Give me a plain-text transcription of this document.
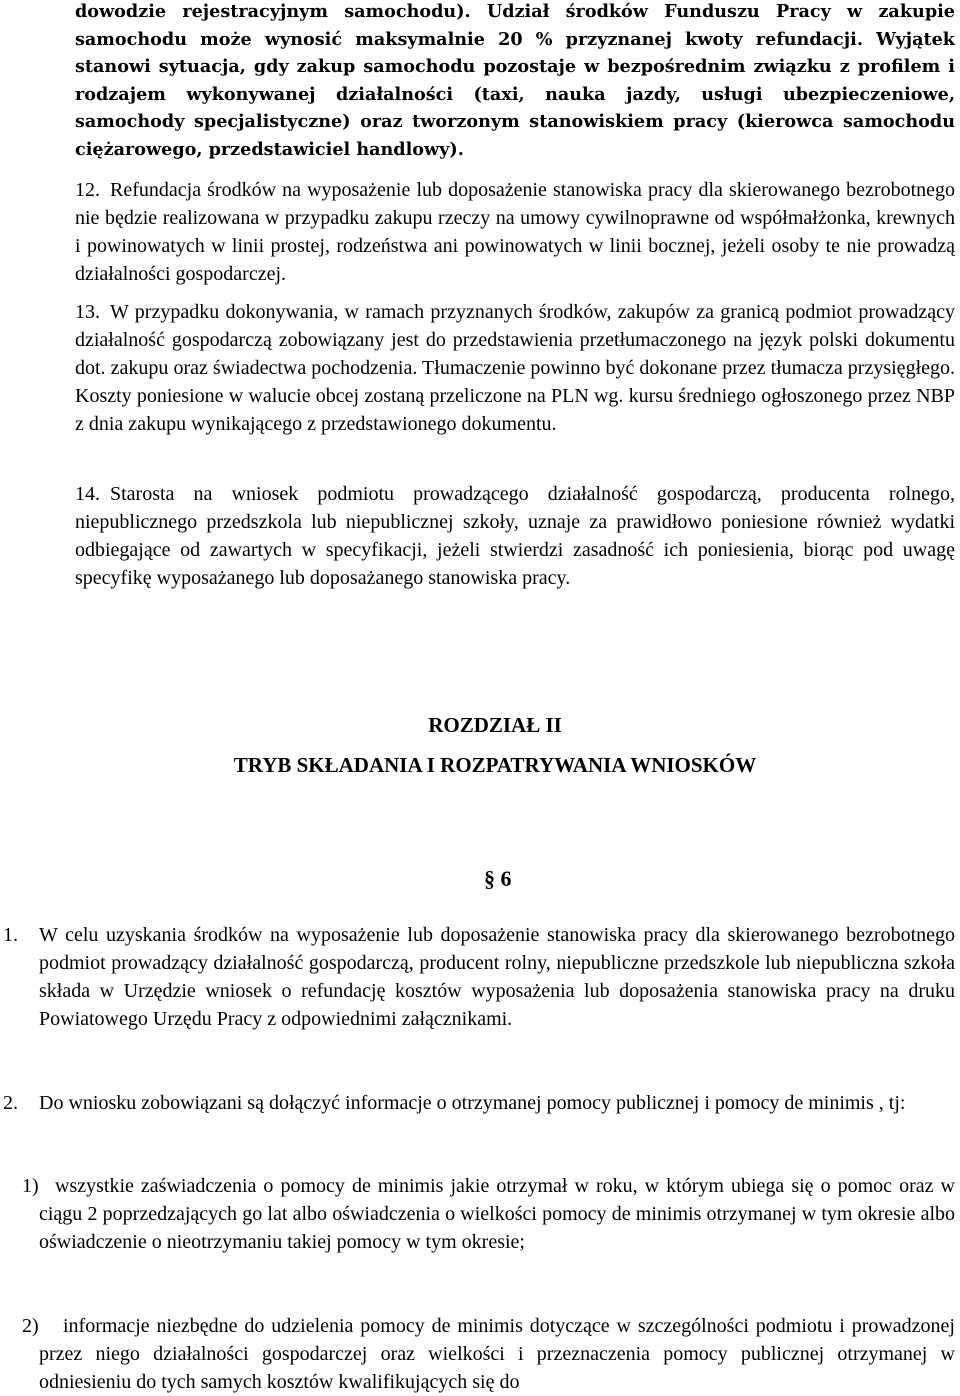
dowodzie rejestracyjnym samochodu). Udział środków Funduszu Pracy w zakupie samochodu może wynosić maksymalnie 20 % przyznanej kwoty refundacji. Wyjątek stanowi sytuacja, gdy zakup samochodu pozostaje w bezpośrednim związku z profilem i rodzajem wykonywanej działalności (taxi, nauka jazdy, usługi ubezpieczeniowe, samochody specjalistyczne) oraz tworzonym stanowiskiem pracy (kierowca samochodu ciężarowego, przedstawiciel handlowy).
12. Refundacja środków na wyposażenie lub doposażenie stanowiska pracy dla skierowanego bezrobotnego nie będzie realizowana w przypadku zakupu rzeczy na umowy cywilnoprawne od współmałżonka, krewnych i powinowatych w linii prostej, rodzeństwa ani powinowatych w linii bocznej, jeżeli osoby te nie prowadzą działalności gospodarczej.
13. W przypadku dokonywania, w ramach przyznanych środków, zakupów za granicą podmiot prowadzący działalność gospodarczą zobowiązany jest do przedstawienia przetłumaczonego na język polski dokumentu dot. zakupu oraz świadectwa pochodzenia. Tłumaczenie powinno być dokonane przez tłumacza przysięgłego. Koszty poniesione w walucie obcej zostaną przeliczone na PLN wg. kursu średniego ogłoszonego przez NBP z dnia zakupu wynikającego z przedstawionego dokumentu.
14. Starosta na wniosek podmiotu prowadzącego działalność gospodarczą, producenta rolnego, niepublicznego przedszkola lub niepublicznej szkoły, uznaje za prawidłowo poniesione również wydatki odbiegające od zawartych w specyfikacji, jeżeli stwierdzi zasadność ich poniesienia, biorąc pod uwagę specyfikę wyposażanego lub doposażanego stanowiska pracy.
ROZDZIAŁ II
TRYB SKŁADANIA I ROZPATRYWANIA WNIOSKÓW
§ 6
1. W celu uzyskania środków na wyposażenie lub doposażenie stanowiska pracy dla skierowanego bezrobotnego podmiot prowadzący działalność gospodarczą, producent rolny, niepubliczne przedszkole lub niepubliczna szkoła składa w Urzędzie wniosek o refundację kosztów wyposażenia lub doposażenia stanowiska pracy na druku Powiatowego Urzędu Pracy z odpowiednimi załącznikami.
2. Do wniosku zobowiązani są dołączyć informacje o otrzymanej pomocy publicznej i pomocy de minimis , tj:
1) wszystkie zaświadczenia o pomocy de minimis jakie otrzymał w roku, w którym ubiega się o pomoc oraz w ciągu 2 poprzedzających go lat albo oświadczenia o wielkości pomocy de minimis otrzymanej w tym okresie albo oświadczenie o nieotrzymaniu takiej pomocy w tym okresie;
2)	informacje niezbędne do udzielenia pomocy de minimis dotyczące w szczególności podmiotu i prowadzonej przez niego działalności gospodarczej oraz wielkości i przeznaczenia pomocy publicznej otrzymanej w odniesieniu do tych samych kosztów kwalifikujących się do
